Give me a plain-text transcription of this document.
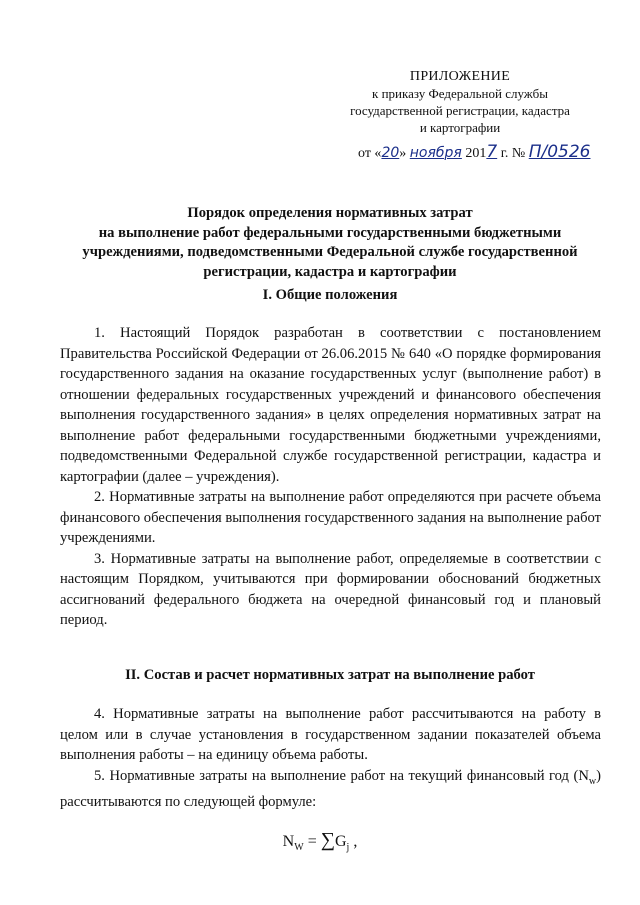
ПРИЛОЖЕНИЕ
к приказу Федеральной службы
государственной регистрации, кадастра
и картографии
от «20» ноября 2017 г. № П/0526
Порядок определения нормативных затрат
на выполнение работ федеральными государственными бюджетными
учреждениями, подведомственными Федеральной службе государственной
регистрации, кадастра и картографии
I. Общие положения

1. Настоящий Порядок разработан в соответствии с постановлением Правительства Российской Федерации от 26.06.2015 № 640 «О порядке формирования государственного задания на оказание государственных услуг (выполнение работ) в отношении федеральных государственных учреждений и финансового обеспечения выполнения государственного задания» в целях определения нормативных затрат на выполнение работ федеральными государственными бюджетными учреждениями, подведомственными Федеральной службе государственной регистрации, кадастра и картографии (далее – учреждения).

2. Нормативные затраты на выполнение работ определяются при расчете объема финансового обеспечения выполнения государственного задания на выполнение работ учреждениями.

3. Нормативные затраты на выполнение работ, определяемые в соответствии с настоящим Порядком, учитываются при формировании обоснований бюджетных ассигнований федерального бюджета на очередной финансовый год и плановый период.

II. Состав и расчет нормативных затрат на выполнение работ

4. Нормативные затраты на выполнение работ рассчитываются на работу в целом или в случае установления в государственном задании показателей объема выполнения работы – на единицу объема работы.

5. Нормативные затраты на выполнение работ на текущий финансовый год $(N_w)$ рассчитываются по следующей формуле:

$N_W = \sum G_j$ ,
